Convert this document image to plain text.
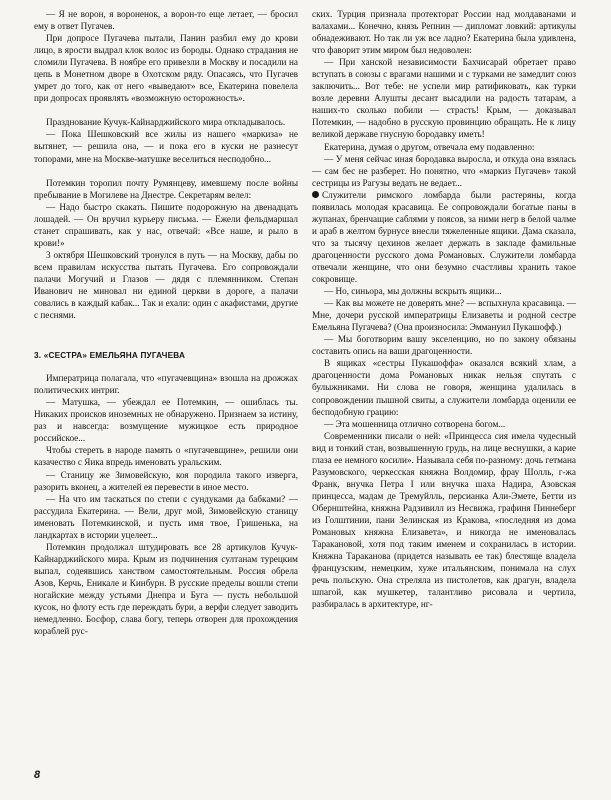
— Я не ворон, я вороненок, а ворон-то еще летает, — бросил ему в ответ Пугачев.

При допросе Пугачева пытали, Панин разбил ему до крови лицо, в ярости выдрал клок волос из бороды. Однако страдания не сломили Пугачева. В ноябре его привезли в Москву и посадили на цепь в Монетном дворе в Охотском ряду. Опасаясь, что Пугачев умрет до того, как от него «выведают» все, Екатерина повелела при допросах проявлять «возможную осторожность».

Празднование Кучук-Кайнарджийского мира откладывалось.

— Пока Шешковский все жилы из нашего «маркиза» не вытянет, — решила она, — и пока его в куски не разнесут топорами, мне на Москве-матушке веселиться несподобно...

Потемкин торопил почту Румянцеву, имевшему после войны пребывание в Могилеве на Днестре. Секретарям велел:

— Надо быстро скакать. Пишите подорожную на двенадцать лошадей. — Он вручил курьеру письма. — Ежели фельдмаршал станет спрашивать, как у нас, отвечай: «Все наше, и рыло в крови!»

3 октября Шешковский тронулся в путь — на Москву, дабы по всем правилам искусства пытать Пугачева. Его сопровождали палачи Могучий и Глазов — дядя с племянником. Степан Иванович не миновал ни единой церкви в дороге, а палачи совались в каждый кабак... Так и ехали: один с акафистами, другие с песнями.

3. «СЕСТРА» ЕМЕЛЬЯНА ПУГАЧЕВА

Императрица полагала, что «пугачевщина» взошла на дрожжах политических интриг.

— Матушка, — убеждал ее Потемкин, — ошиблась ты. Никаких происков иноземных не обнаружено. Признаем за истину, раз и навсегда: возмущение мужицкое есть природное российское...

Чтобы стереть в народе память о «пугачевщине», решили они казачество с Яика впредь именовать уральским.

— Станицу же Зимовейскую, коя породила такого изверга, разорить вконец, а жителей ея перевести в иное место.

— На что им таскаться по степи с сундуками да бабками? — рассудила Екатерина. — Вели, друг мой, Зимовейскую станицу именовать Потемкинской, и пусть имя твое, Гришенька, на ландкартах в истории уцелеет...

Потемкин продолжал штудировать все 28 артикулов Кучук-Кайнарджийского мира. Крым из подчинения султанам турецким выпал, содеявшись ханством самостоятельным. Россия обрела Азов, Керчь, Еникале и Кинбурн. В русские пределы вошли степи ногайские между устьями Днепра и Буга — пусть небольшой кусок, но флоту есть где переждать бури, а верфи следует заводить немедленно. Босфор, слава богу, теперь отворен для прохождения кораблей рус-

ских. Турция признала протекторат России над молдаванами и валахами... Конечно, князь Репнин — дипломат ловкий: артикулы обнадеживают. Но так ли уж все ладно? Екатерина была удивлена, что фаворит этим миром был недоволен:

— При ханской независимости Бахчисарай обретает право вступать в союзы с врагами нашими и с турками не замедлит союз заключить... Вот тебе: не успели мир ратификовать, как турки возле деревни Алушты десант высадили на радость татарам, а наших-то сколько побили — страсть! Крым, — доказывал Потемкин, — надобно в русскую провинцию обращать. Не к лицу великой державе гнусную бородавку иметь!

Екатерина, думая о другом, отвечала ему подавленно:

— У меня сейчас иная бородавка выросла, и откуда она взялась — сам бес не разберет. Но понятно, что «маркиз Пугачев» такой сестрицы из Рагузы ведать не ведает...

Служители римского ломбарда были растеряны, когда появилась молодая красавица. Ее сопровождали богатые паны в жупанах, бренчащие саблями у поясов, за ними негр в белой чалме и араб в желтом бурнусе внесли тяжеленные ящики. Дама сказала, что за тысячу цехинов желает держать в закладе фамильные драгоценности русского дома Романовых. Служители ломбарда отвечали женщине, что они безумно счастливы хранить такое сокровище.

— Но, синьора, мы должны вскрыть ящики...

— Как вы можете не доверять мне? — вспыхнула красавица. — Мне, дочери русской императрицы Елизаветы и родной сестре Емельяна Пугачева? (Она произносила: Эммануил Пукашофф.)

— Мы боготворим вашу экселенцию, но по закону обязаны составить опись на ваши драгоценности.

В ящиках «сестры Пукашоффа» оказался всякий хлам, а драгоценности дома Романовых никак нельзя спутать с булыжниками. Ни слова не говоря, женщина удалилась в сопровождении пышной свиты, а служители ломбарда оценили ее бесподобную грацию:

— Эта мошенница отлично сотворена богом...

Современники писали о ней: «Принцесса сия имела чудесный вид и тонкий стан, возвышенную грудь, на лице веснушки, а карие глаза ее немного косили». Называла себя по-разному: дочь гетмана Разумовского, черкесская княжна Волдомир, фрау Шолль, г-жа Франк, внучка Петра I или внучка шаха Надира, Азовская принцесса, мадам де Тремуйлль, персианка Али-Эмете, Бетти из Обернштейна, княжна Радзивилл из Несвижа, графиня Пиннеберг из Голштинии, пани Зелинская из Кракова, «последняя из дома Романовых княжна Елизавета», и никогда не именовалась Таракановой, хотя под таким именем и сохранилась в истории. Княжна Тараканова (придется называть ее так) блестяще владела французским, немецким, хуже итальянским, понимала на слух речь польскую. Она стреляла из пистолетов, как драгун, владела шпагой, как мушкетер, талантливо рисовала и чертила, разбиралась в архитектуре, нг-

8
